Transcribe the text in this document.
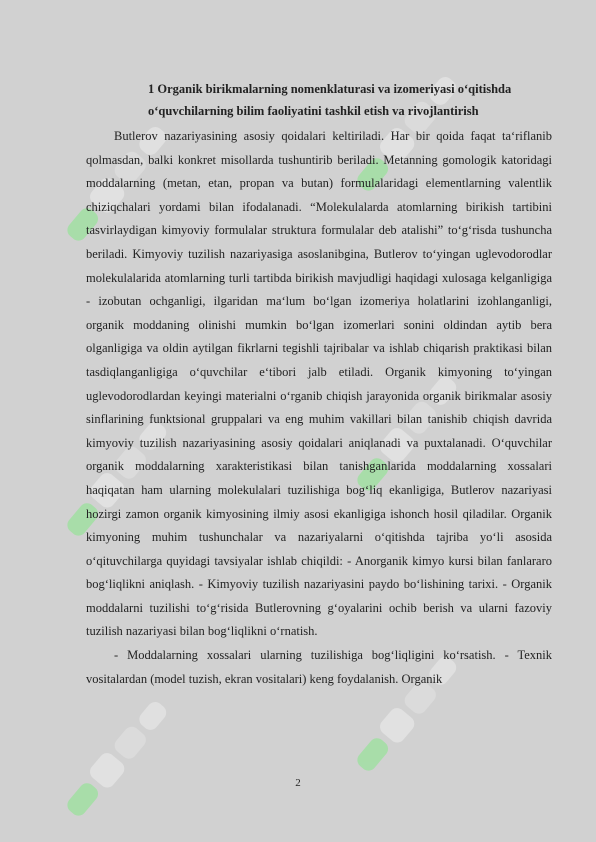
1 Organik birikmalarning nomenklaturasi va izomeriyasi o‘qitishda
o‘quvchilarning bilim faoliyatini tashkil etish va rivojlantirish

Butlerov nazariyasining asosiy qoidalari keltiriladi. Har bir qoida faqat ta‘riflanib qolmasdan, balki konkret misollarda tushuntirib beriladi. Metanning gomologik katoridagi moddalarning (metan, etan, propan va butan) formulalaridagi elementlarning valentlik chiziqchalari yordami bilan ifodalanadi. “Molekulalarda atomlarning birikish tartibini tasvirlaydigan kimyoviy formulalar struktura formulalar deb atalishi” to‘g‘risda tushuncha beriladi. Kimyoviy tuzilish nazariyasiga asoslanibgina, Butlerov to‘yingan uglevodorodlar molekulalarida atomlarning turli tartibda birikish mavjudligi haqidagi xulosaga kelganligiga - izobutan ochganligi, ilgaridan ma‘lum bo‘lgan izomeriya holatlarini izohlanganligi, organik moddaning olinishi mumkin bo‘lgan izomerlari sonini oldindan aytib bera olganligiga va oldin aytilgan fikrlarni tegishli tajribalar va ishlab chiqarish praktikasi bilan tasdiqlanganligiga o‘quvchilar e‘tibori jalb etiladi. Organik kimyoning to‘yingan uglevodorodlardan keyingi materialni o‘rganib chiqish jarayonida organik birikmalar asosiy sinflarining funktsional gruppalari va eng muhim vakillari bilan tanishib chiqish davrida kimyoviy tuzilish nazariyasining asosiy qoidalari aniqlanadi va puxtalanadi. O‘quvchilar organik moddalarning xarakteristikasi bilan tanishganlarida moddalarning xossalari haqiqatan ham ularning molekulalari tuzilishiga bog‘liq ekanligiga, Butlerov nazariyasi hozirgi zamon organik kimyosining ilmiy asosi ekanligiga ishonch hosil qiladilar. Organik kimyoning muhim tushunchalar va nazariyalarni o‘qitishda tajriba yo‘li asosida o‘qituvchilarga quyidagi tavsiyalar ishlab chiqildi: - Anorganik kimyo kursi bilan fanlararo bog‘liqlikni aniqlash. - Kimyoviy tuzilish nazariyasini paydo bo‘lishining tarixi. - Organik moddalarni tuzilishi to‘g‘risida Butlerovning g‘oyalarini ochib berish va ularni fazoviy tuzilish nazariyasi bilan bog‘liqlikni o‘rnatish.

- Moddalarning xossalari ularning tuzilishiga bog‘liqligini ko‘rsatish. - Texnik vositalardan (model tuzish, ekran vositalari) keng foydalanish. Organik

2
